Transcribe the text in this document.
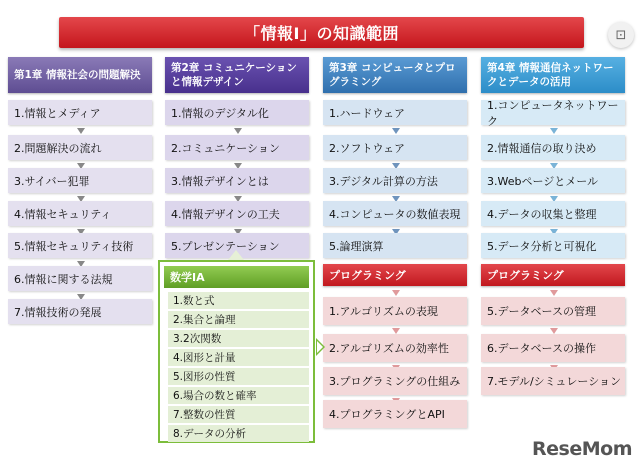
⊡
「情報Ⅰ」の知識範囲
第1章 情報社会の問題解決
1.情報とメディア
2.問題解決の流れ
3.サイバー犯罪
4.情報セキュリティ
5.情報セキュリティ技術
6.情報に関する法規
7.情報技術の発展
第2章 コミュニケーションと情報デザイン
1.情報のデジタル化
2.コミュニケーション
3.情報デザインとは
4.情報デザインの工夫
5.プレゼンテーション
第3章 コンピュータとプログラミング
1.ハードウェア
2.ソフトウェア
3.デジタル計算の方法
4.コンピュータの数値表現
5.論理演算
プログラミング
1.アルゴリズムの表現
2.アルゴリズムの効率性
3.プログラミングの仕組み
4.プログラミングとAPI
第4章 情報通信ネットワークとデータの活用
1.コンピュータネットワーク
2.情報通信の取り決め
3.Webページとメール
4.データの収集と整理
5.データ分析と可視化
プログラミング
5.データベースの管理
6.データベースの操作
7.モデル/シミュレーション
数学ⅠA
1.数と式
2.集合と論理
3.2次関数
4.図形と計量
5.図形の性質
6.場合の数と確率
7.整数の性質
8.データの分析
ReseMom
